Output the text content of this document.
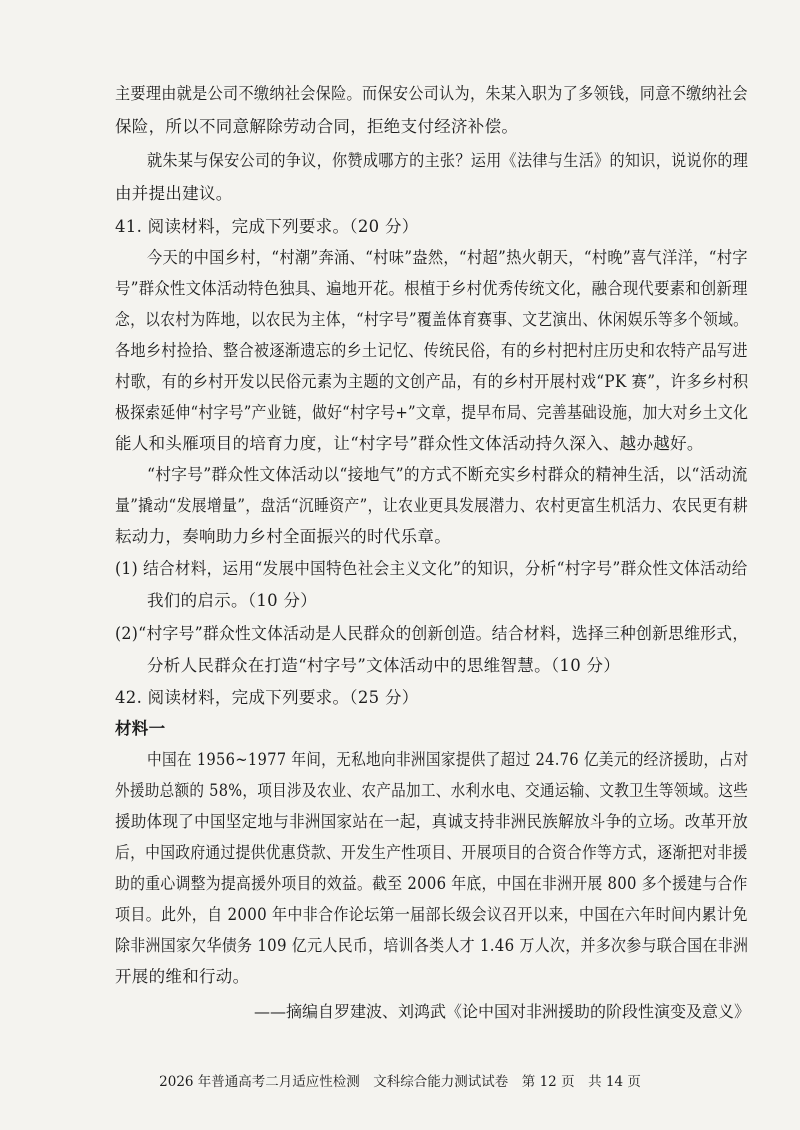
主要理由就是公司不缴纳社会保险。而保安公司认为，朱某入职为了多领钱，同意不缴纳社会
保险，所以不同意解除劳动合同，拒绝支付经济补偿。
就朱某与保安公司的争议，你赞成哪方的主张？运用《法律与生活》的知识，说说你的理
由并提出建议。
41. 阅读材料，完成下列要求。（20 分）
今天的中国乡村，“村潮”奔涌、“村味”盎然，“村超”热火朝天，“村晚”喜气洋洋，“村字
号”群众性文体活动特色独具、遍地开花。根植于乡村优秀传统文化，融合现代要素和创新理
念，以农村为阵地，以农民为主体，“村字号”覆盖体育赛事、文艺演出、休闲娱乐等多个领域。
各地乡村捡拾、整合被逐渐遗忘的乡土记忆、传统民俗，有的乡村把村庄历史和农特产品写进
村歌，有的乡村开发以民俗元素为主题的文创产品，有的乡村开展村戏“PK 赛”，许多乡村积
极探索延伸“村字号”产业链，做好“村字号+”文章，提早布局、完善基础设施，加大对乡土文化
能人和头雁项目的培育力度，让“村字号”群众性文体活动持久深入、越办越好。
“村字号”群众性文体活动以“接地气”的方式不断充实乡村群众的精神生活，以“活动流
量”撬动“发展增量”，盘活“沉睡资产”，让农业更具发展潜力、农村更富生机活力、农民更有耕
耘动力，奏响助力乡村全面振兴的时代乐章。
(1) 结合材料，运用“发展中国特色社会主义文化”的知识，分析“村字号”群众性文体活动给
我们的启示。（10 分）
(2)“村字号”群众性文体活动是人民群众的创新创造。结合材料，选择三种创新思维形式，
分析人民群众在打造“村字号”文体活动中的思维智慧。（10 分）
42. 阅读材料，完成下列要求。（25 分）
材料一
中国在 1956~1977 年间，无私地向非洲国家提供了超过 24.76 亿美元的经济援助，占对
外援助总额的 58%，项目涉及农业、农产品加工、水利水电、交通运输、文教卫生等领域。这些
援助体现了中国坚定地与非洲国家站在一起，真诚支持非洲民族解放斗争的立场。改革开放
后，中国政府通过提供优惠贷款、开发生产性项目、开展项目的合资合作等方式，逐渐把对非援
助的重心调整为提高援外项目的效益。截至 2006 年底，中国在非洲开展 800 多个援建与合作
项目。此外，自 2000 年中非合作论坛第一届部长级会议召开以来，中国在六年时间内累计免
除非洲国家欠华债务 109 亿元人民币，培训各类人才 1.46 万人次，并多次参与联合国在非洲
开展的维和行动。
——摘编自罗建波、刘鸿武《论中国对非洲援助的阶段性演变及意义》
2026 年普通高考二月适应性检测　文科综合能力测试试卷　第 12 页　共 14 页
